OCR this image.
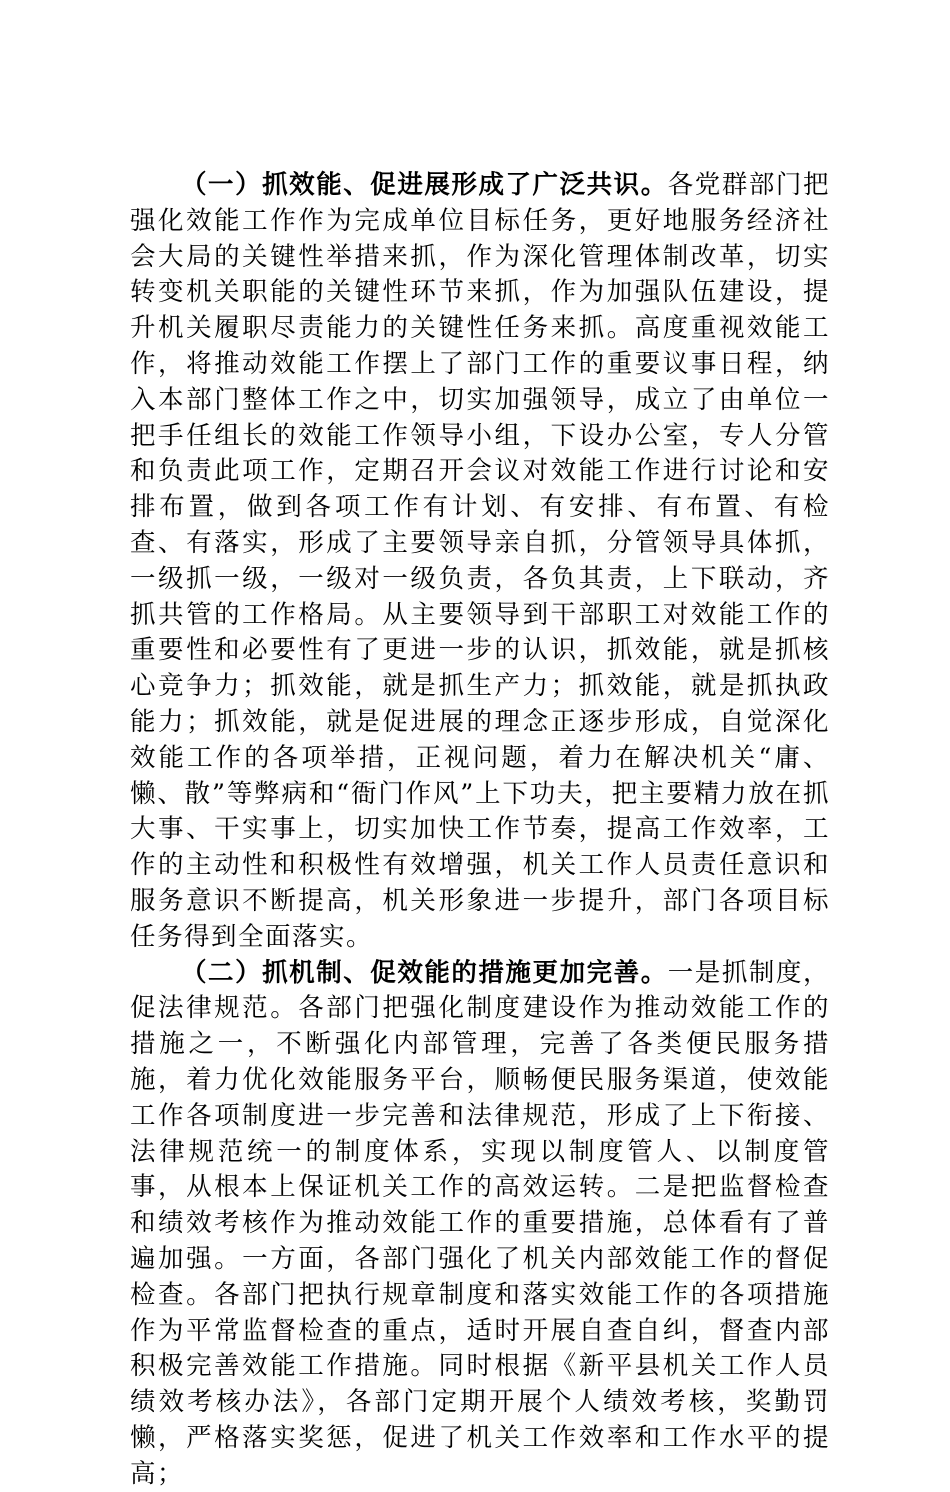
（一）抓效能、促进展形成了广泛共识。各党群部门把强化效能工作作为完成单位目标任务，更好地服务经济社会大局的关键性举措来抓，作为深化管理体制改革，切实转变机关职能的关键性环节来抓，作为加强队伍建设，提升机关履职尽责能力的关键性任务来抓。高度重视效能工作，将推动效能工作摆上了部门工作的重要议事日程，纳入本部门整体工作之中，切实加强领导，成立了由单位一把手任组长的效能工作领导小组，下设办公室，专人分管和负责此项工作，定期召开会议对效能工作进行讨论和安排布置，做到各项工作有计划、有安排、有布置、有检查、有落实，形成了主要领导亲自抓，分管领导具体抓，一级抓一级，一级对一级负责，各负其责，上下联动，齐抓共管的工作格局。从主要领导到干部职工对效能工作的重要性和必要性有了更进一步的认识，抓效能，就是抓核心竞争力；抓效能，就是抓生产力；抓效能，就是抓执政能力；抓效能，就是促进展的理念正逐步形成，自觉深化效能工作的各项举措，正视问题，着力在解决机关“庸、懒、散”等弊病和“衙门作风”上下功夫，把主要精力放在抓大事、干实事上，切实加快工作节奏，提高工作效率，工作的主动性和积极性有效增强，机关工作人员责任意识和服务意识不断提高，机关形象进一步提升，部门各项目标任务得到全面落实。

（二）抓机制、促效能的措施更加完善。一是抓制度，促法律规范。各部门把强化制度建设作为推动效能工作的措施之一，不断强化内部管理，完善了各类便民服务措施，着力优化效能服务平台，顺畅便民服务渠道，使效能工作各项制度进一步完善和法律规范，形成了上下衔接、法律规范统一的制度体系，实现以制度管人、以制度管事，从根本上保证机关工作的高效运转。二是把监督检查和绩效考核作为推动效能工作的重要措施，总体看有了普遍加强。一方面，各部门强化了机关内部效能工作的督促检查。各部门把执行规章制度和落实效能工作的各项措施作为平常监督检查的重点，适时开展自查自纠，督查内部积极完善效能工作措施。同时根据《新平县机关工作人员绩效考核办法》，各部门定期开展个人绩效考核，奖勤罚懒，严格落实奖惩，促进了机关工作效率和工作水平的提高；
